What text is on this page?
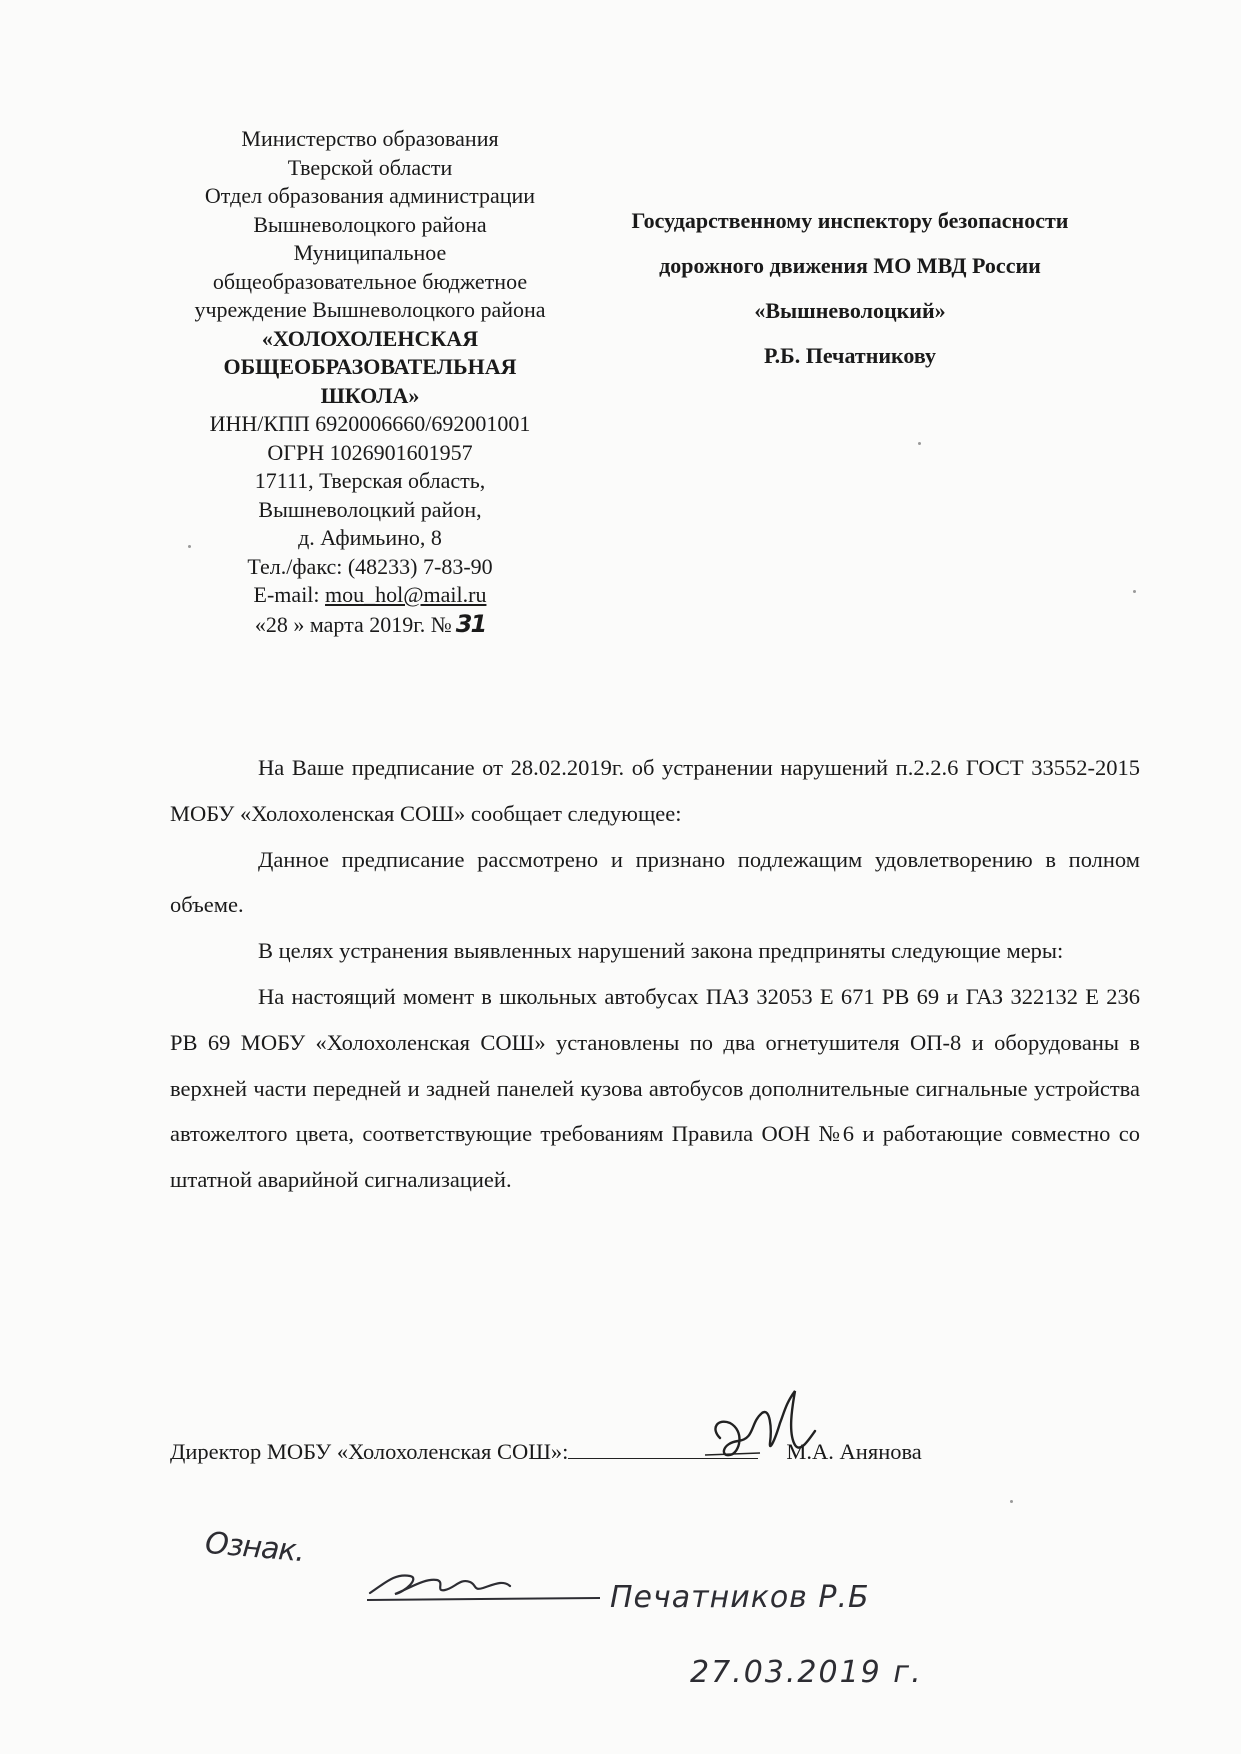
Министерство образования
Тверской области
Отдел образования администрации
Вышневолоцкого района
Муниципальное
общеобразовательное бюджетное
учреждение Вышневолоцкого района
«ХОЛОХОЛЕНСКАЯ
ОБЩЕОБРАЗОВАТЕЛЬНАЯ
ШКОЛА»
ИНН/КПП 6920006660/692001001
ОГРН 1026901601957
17111, Тверская область,
Вышневолоцкий район,
д. Афимьино, 8
Тел./факс: (48233) 7-83-90
E-mail: mou_hol@mail.ru
«28 » марта 2019г. № 31
Государственному инспектору безопасности
дорожного движения МО МВД России
«Вышневолоцкий»
Р.Б. Печатникову

На Ваше предписание от 28.02.2019г. об устранении нарушений п.2.2.6 ГОСТ 33552-2015 МОБУ «Холохоленская СОШ» сообщает следующее:

Данное предписание рассмотрено и признано подлежащим удовлетворению в полном объеме.

В целях устранения выявленных нарушений закона предприняты следующие меры:

На настоящий момент в школьных автобусах ПАЗ 32053 Е 671 РВ 69 и ГАЗ 322132 Е 236 РВ 69 МОБУ «Холохоленская СОШ» установлены по два огнетушителя ОП-8 и оборудованы в верхней части передней и задней панелей кузова автобусов дополнительные сигнальные устройства автожелтого цвета, соответствующие требованиям Правила ООН №6 и работающие совместно со штатной аварийной сигнализацией.

Директор МОБУ «Холохоленская СОШ»:	М.А. Анянова
Ознак.
Печатников Р.Б
27.03.2019 г.
